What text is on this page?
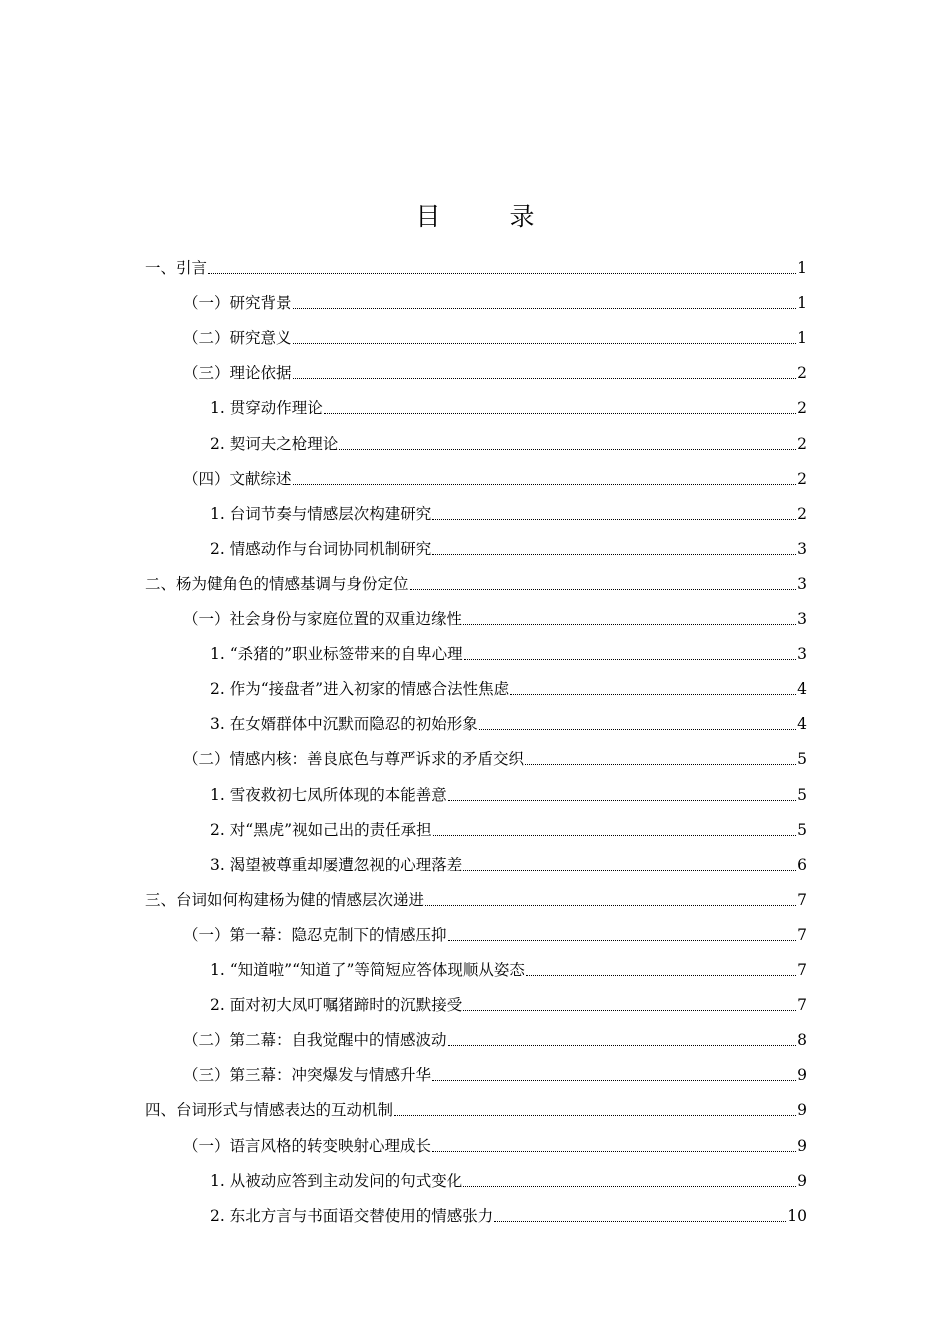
目　录
一、引言	1
（一）研究背景	1
（二）研究意义	1
（三）理论依据	2
1. 贯穿动作理论	2
2. 契诃夫之枪理论	2
（四）文献综述	2
1. 台词节奏与情感层次构建研究	2
2. 情感动作与台词协同机制研究	3
二、杨为健角色的情感基调与身份定位	3
（一）社会身份与家庭位置的双重边缘性	3
1. “杀猪的”职业标签带来的自卑心理	3
2. 作为“接盘者”进入初家的情感合法性焦虑	4
3. 在女婿群体中沉默而隐忍的初始形象	4
（二）情感内核：善良底色与尊严诉求的矛盾交织	5
1. 雪夜救初七凤所体现的本能善意	5
2. 对“黑虎”视如己出的责任承担	5
3. 渴望被尊重却屡遭忽视的心理落差	6
三、台词如何构建杨为健的情感层次递进	7
（一）第一幕：隐忍克制下的情感压抑	7
1. “知道啦”“知道了”等简短应答体现顺从姿态	7
2. 面对初大凤叮嘱猪蹄时的沉默接受	7
（二）第二幕：自我觉醒中的情感波动	8
（三）第三幕：冲突爆发与情感升华	9
四、台词形式与情感表达的互动机制	9
（一）语言风格的转变映射心理成长	9
1. 从被动应答到主动发问的句式变化	9
2. 东北方言与书面语交替使用的情感张力	10
